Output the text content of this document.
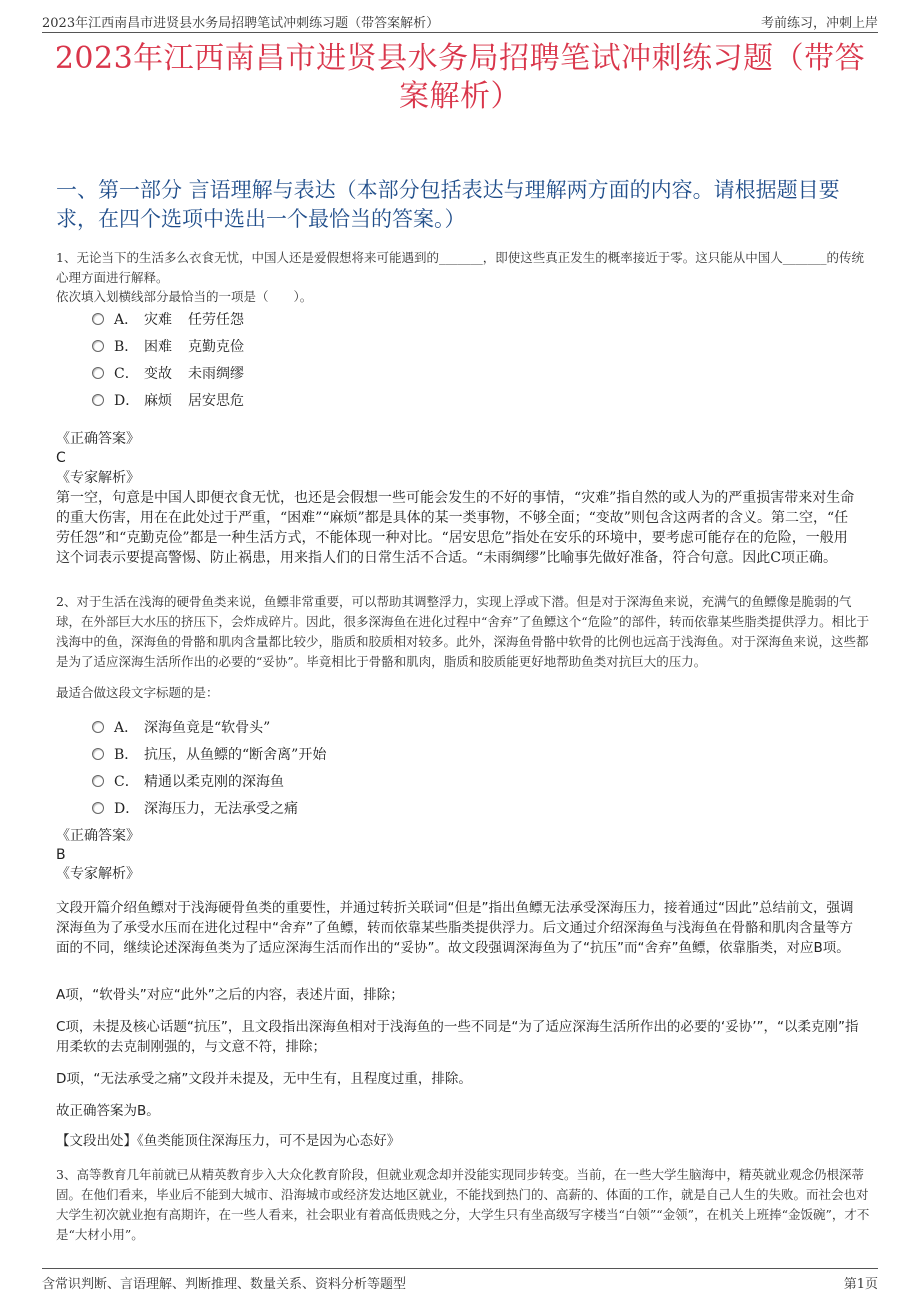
2023年江西南昌市进贤县水务局招聘笔试冲刺练习题（带答案解析）	考前练习，冲刺上岸
2023年江西南昌市进贤县水务局招聘笔试冲刺练习题（带答案解析）
一、第一部分 言语理解与表达（本部分包括表达与理解两方面的内容。请根据题目要求，在四个选项中选出一个最恰当的答案。）
1、无论当下的生活多么衣食无忧，中国人还是爱假想将来可能遇到的_______，即使这些真正发生的概率接近于零。这只能从中国人_______的传统心理方面进行解释。
依次填入划横线部分最恰当的一项是（　　）。
A． 灾难 任劳任怨
B． 困难 克勤克俭
C． 变故 未雨绸缪
D． 麻烦 居安思危
《正确答案》
C
《专家解析》
第一空，句意是中国人即便衣食无忧，也还是会假想一些可能会发生的不好的事情，“灾难”指自然的或人为的严重损害带来对生命的重大伤害，用在在此处过于严重，“困难”“麻烦”都是具体的某一类事物，不够全面；“变故”则包含这两者的含义。第二空，“任劳任怨”和“克勤克俭”都是一种生活方式，不能体现一种对比。“居安思危”指处在安乐的环境中，要考虑可能存在的危险，一般用这个词表示要提高警惕、防止祸患，用来指人们的日常生活不合适。“未雨绸缪”比喻事先做好准备，符合句意。因此C项正确。
2、对于生活在浅海的硬骨鱼类来说，鱼鳔非常重要，可以帮助其调整浮力，实现上浮或下潜。但是对于深海鱼来说，充满气的鱼鳔像是脆弱的气球，在外部巨大水压的挤压下，会炸成碎片。因此，很多深海鱼在进化过程中“舍弃”了鱼鳔这个“危险”的部件，转而依靠某些脂类提供浮力。相比于浅海中的鱼，深海鱼的骨骼和肌肉含量都比较少，脂质和胶质相对较多。此外，深海鱼骨骼中软骨的比例也远高于浅海鱼。对于深海鱼来说，这些都是为了适应深海生活所作出的必要的“妥协”。毕竟相比于骨骼和肌肉，脂质和胶质能更好地帮助鱼类对抗巨大的压力。
最适合做这段文字标题的是：
A． 深海鱼竟是“软骨头”
B． 抗压，从鱼鳔的“断舍离”开始
C． 精通以柔克刚的深海鱼
D． 深海压力，无法承受之痛
《正确答案》
B
《专家解析》
文段开篇介绍鱼鳔对于浅海硬骨鱼类的重要性，并通过转折关联词“但是”指出鱼鳔无法承受深海压力，接着通过“因此”总结前文，强调深海鱼为了承受水压而在进化过程中“舍弃”了鱼鳔，转而依靠某些脂类提供浮力。后文通过介绍深海鱼与浅海鱼在骨骼和肌肉含量等方面的不同，继续论述深海鱼类为了适应深海生活而作出的“妥协”。故文段强调深海鱼为了“抗压”而“舍弃”鱼鳔，依靠脂类，对应B项。
A项，“软骨头”对应“此外”之后的内容，表述片面，排除；
C项，未提及核心话题“抗压”，且文段指出深海鱼相对于浅海鱼的一些不同是“为了适应深海生活所作出的必要的‘妥协’”，“以柔克刚”指用柔软的去克制刚强的，与文意不符，排除；
D项，“无法承受之痛”文段并未提及，无中生有，且程度过重，排除。
故正确答案为B。
【文段出处】《鱼类能顶住深海压力，可不是因为心态好》
3、高等教育几年前就已从精英教育步入大众化教育阶段，但就业观念却并没能实现同步转变。当前，在一些大学生脑海中，精英就业观念仍根深蒂固。在他们看来，毕业后不能到大城市、沿海城市或经济发达地区就业，不能找到热门的、高薪的、体面的工作，就是自己人生的失败。而社会也对大学生初次就业抱有高期许，在一些人看来，社会职业有着高低贵贱之分，大学生只有坐高级写字楼当“白领”“金领”，在机关上班捧“金饭碗”，才不是“大材小用”。
含常识判断、言语理解、判断推理、数量关系、资料分析等题型	第1页
